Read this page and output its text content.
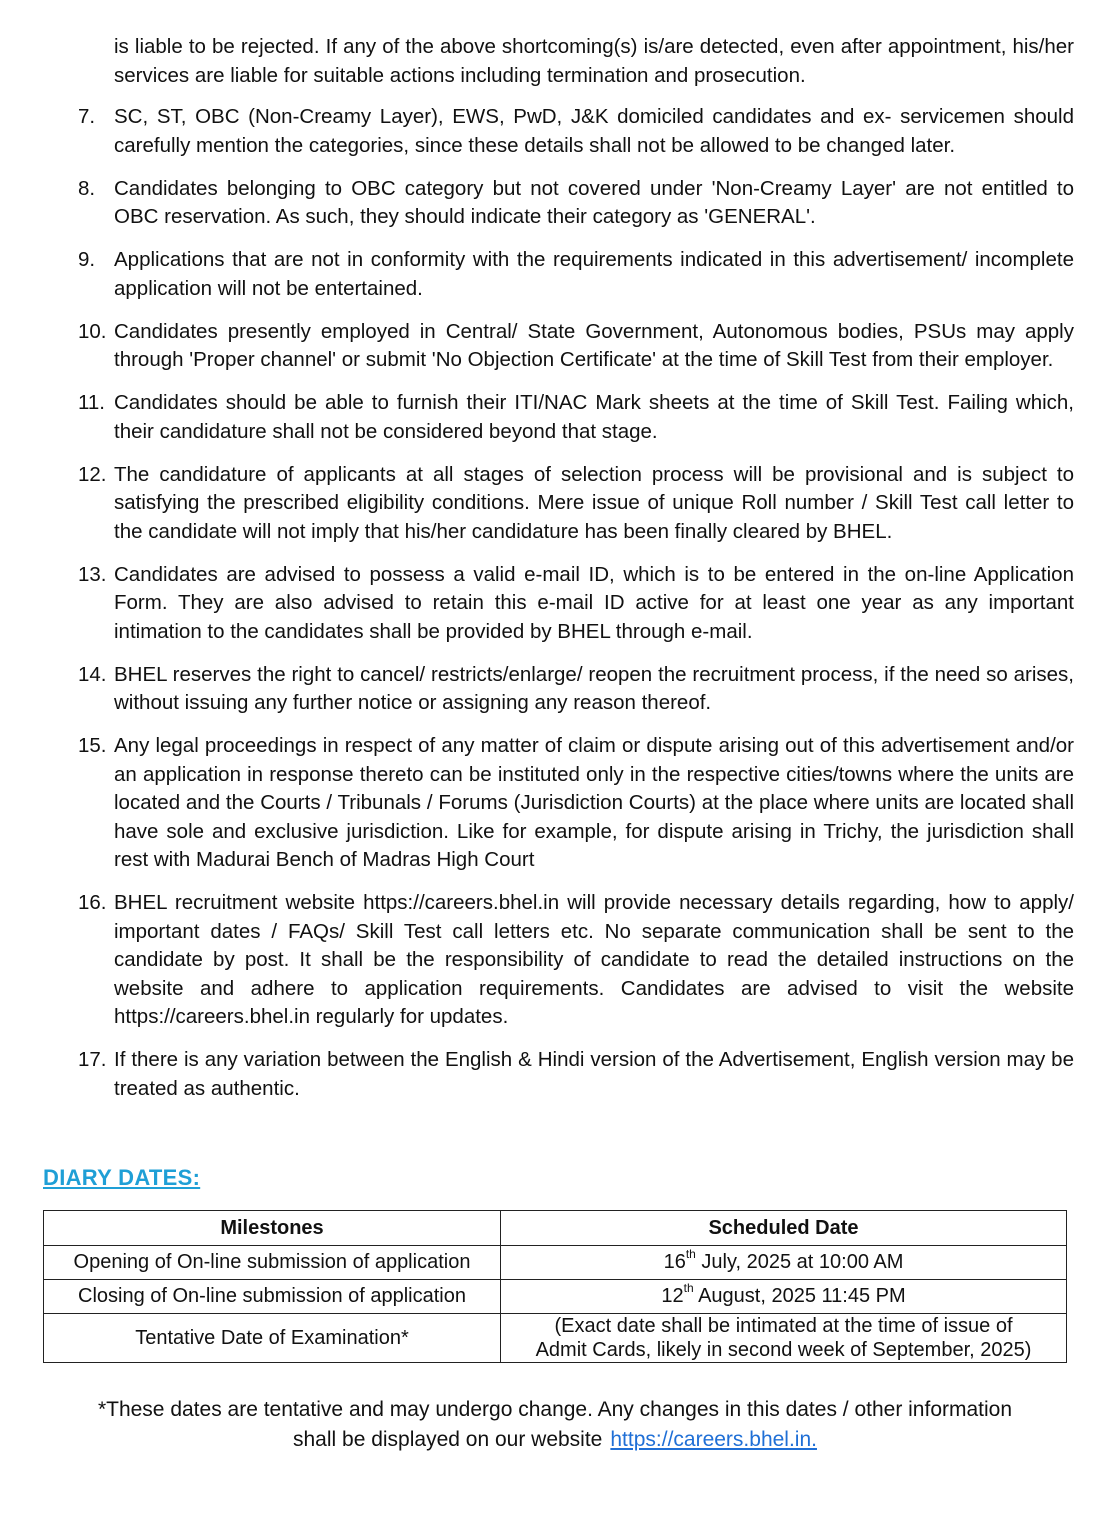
is liable to be rejected. If any of the above shortcoming(s) is/are detected, even after appointment, his/her services are liable for suitable actions including termination and prosecution.
7. SC, ST, OBC (Non-Creamy Layer), EWS, PwD, J&K domiciled candidates and ex- servicemen should carefully mention the categories, since these details shall not be allowed to be changed later.
8. Candidates belonging to OBC category but not covered under 'Non-Creamy Layer' are not entitled to OBC reservation. As such, they should indicate their category as 'GENERAL'.
9. Applications that are not in conformity with the requirements indicated in this advertisement/ incomplete application will not be entertained.
10. Candidates presently employed in Central/ State Government, Autonomous bodies, PSUs may apply through 'Proper channel' or submit 'No Objection Certificate' at the time of Skill Test from their employer.
11. Candidates should be able to furnish their ITI/NAC Mark sheets at the time of Skill Test. Failing which, their candidature shall not be considered beyond that stage.
12. The candidature of applicants at all stages of selection process will be provisional and is subject to satisfying the prescribed eligibility conditions. Mere issue of unique Roll number / Skill Test call letter to the candidate will not imply that his/her candidature has been finally cleared by BHEL.
13. Candidates are advised to possess a valid e-mail ID, which is to be entered in the on-line Application Form. They are also advised to retain this e-mail ID active for at least one year as any important intimation to the candidates shall be provided by BHEL through e-mail.
14. BHEL reserves the right to cancel/ restricts/enlarge/ reopen the recruitment process, if the need so arises, without issuing any further notice or assigning any reason thereof.
15. Any legal proceedings in respect of any matter of claim or dispute arising out of this advertisement and/or an application in response thereto can be instituted only in the respective cities/towns where the units are located and the Courts / Tribunals / Forums (Jurisdiction Courts) at the place where units are located shall have sole and exclusive jurisdiction. Like for example, for dispute arising in Trichy, the jurisdiction shall rest with Madurai Bench of Madras High Court
16. BHEL recruitment website https://careers.bhel.in will provide necessary details regarding, how to apply/ important dates / FAQs/ Skill Test call letters etc. No separate communication shall be sent to the candidate by post. It shall be the responsibility of candidate to read the detailed instructions on the website and adhere to application requirements. Candidates are advised to visit the website https://careers.bhel.in regularly for updates.
17. If there is any variation between the English & Hindi version of the Advertisement, English version may be treated as authentic.
DIARY DATES:
Milestones	Scheduled Date
Opening of On-line submission of application	16th July, 2025 at 10:00 AM
Closing of On-line submission of application	12th August, 2025 11:45 PM
Tentative Date of Examination*	(Exact date shall be intimated at the time of issue of
Admit Cards, likely in second week of September, 2025)
*These dates are tentative and may undergo change. Any changes in this dates / other information
shall be displayed on our website https://careers.bhel.in.
